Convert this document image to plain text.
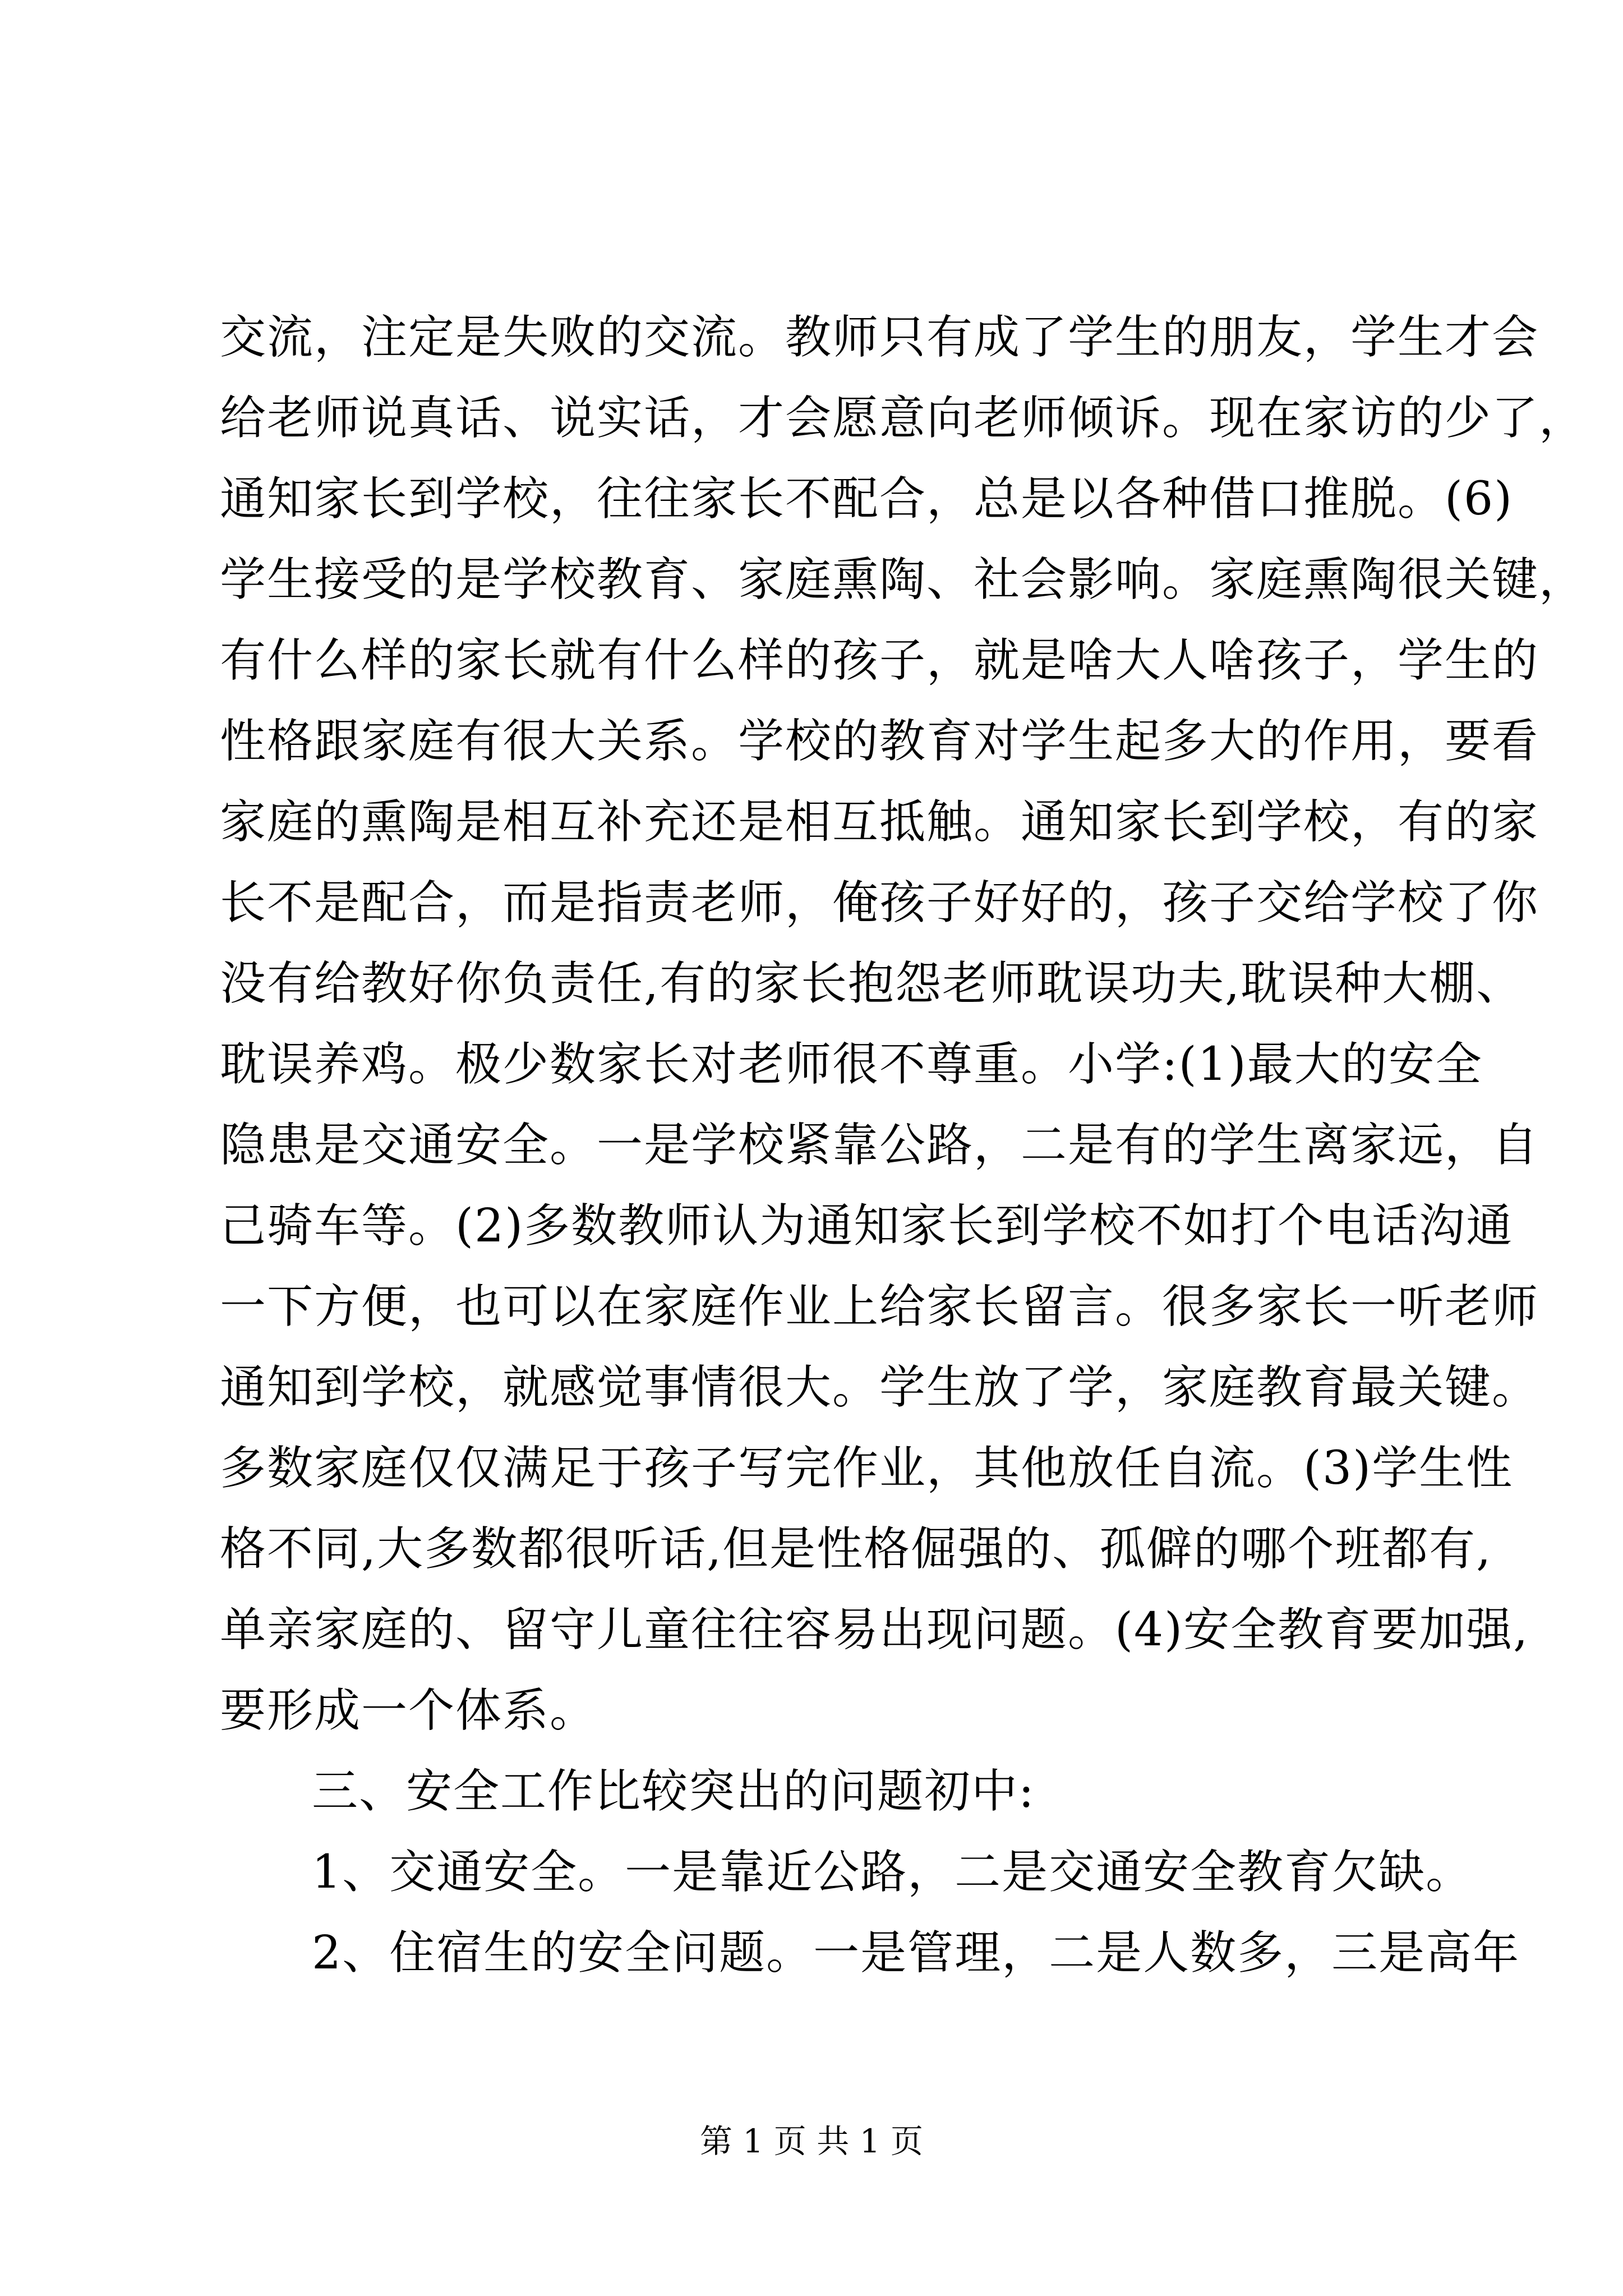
交流，注定是失败的交流。教师只有成了学生的朋友，学生才会
给老师说真话、说实话，才会愿意向老师倾诉。现在家访的少了，
通知家长到学校，往往家长不配合，总是以各种借口推脱。(6)
学生接受的是学校教育、家庭熏陶、社会影响。家庭熏陶很关键，
有什么样的家长就有什么样的孩子，就是啥大人啥孩子，学生的
性格跟家庭有很大关系。学校的教育对学生起多大的作用，要看
家庭的熏陶是相互补充还是相互抵触。通知家长到学校，有的家
长不是配合，而是指责老师，俺孩子好好的，孩子交给学校了你
没有给教好你负责任,有的家长抱怨老师耽误功夫,耽误种大棚、
耽误养鸡。极少数家长对老师很不尊重。小学:(1)最大的安全
隐患是交通安全。一是学校紧靠公路，二是有的学生离家远，自
己骑车等。(2)多数教师认为通知家长到学校不如打个电话沟通
一下方便，也可以在家庭作业上给家长留言。很多家长一听老师
通知到学校，就感觉事情很大。学生放了学，家庭教育最关键。
多数家庭仅仅满足于孩子写完作业，其他放任自流。(3)学生性
格不同,大多数都很听话,但是性格倔强的、孤僻的哪个班都有,
单亲家庭的、留守儿童往往容易出现问题。(4)安全教育要加强,
要形成一个体系。
三、安全工作比较突出的问题初中:
1、交通安全。一是靠近公路，二是交通安全教育欠缺。
2、住宿生的安全问题。一是管理，二是人数多，三是高年
第 1 页 共 1 页
